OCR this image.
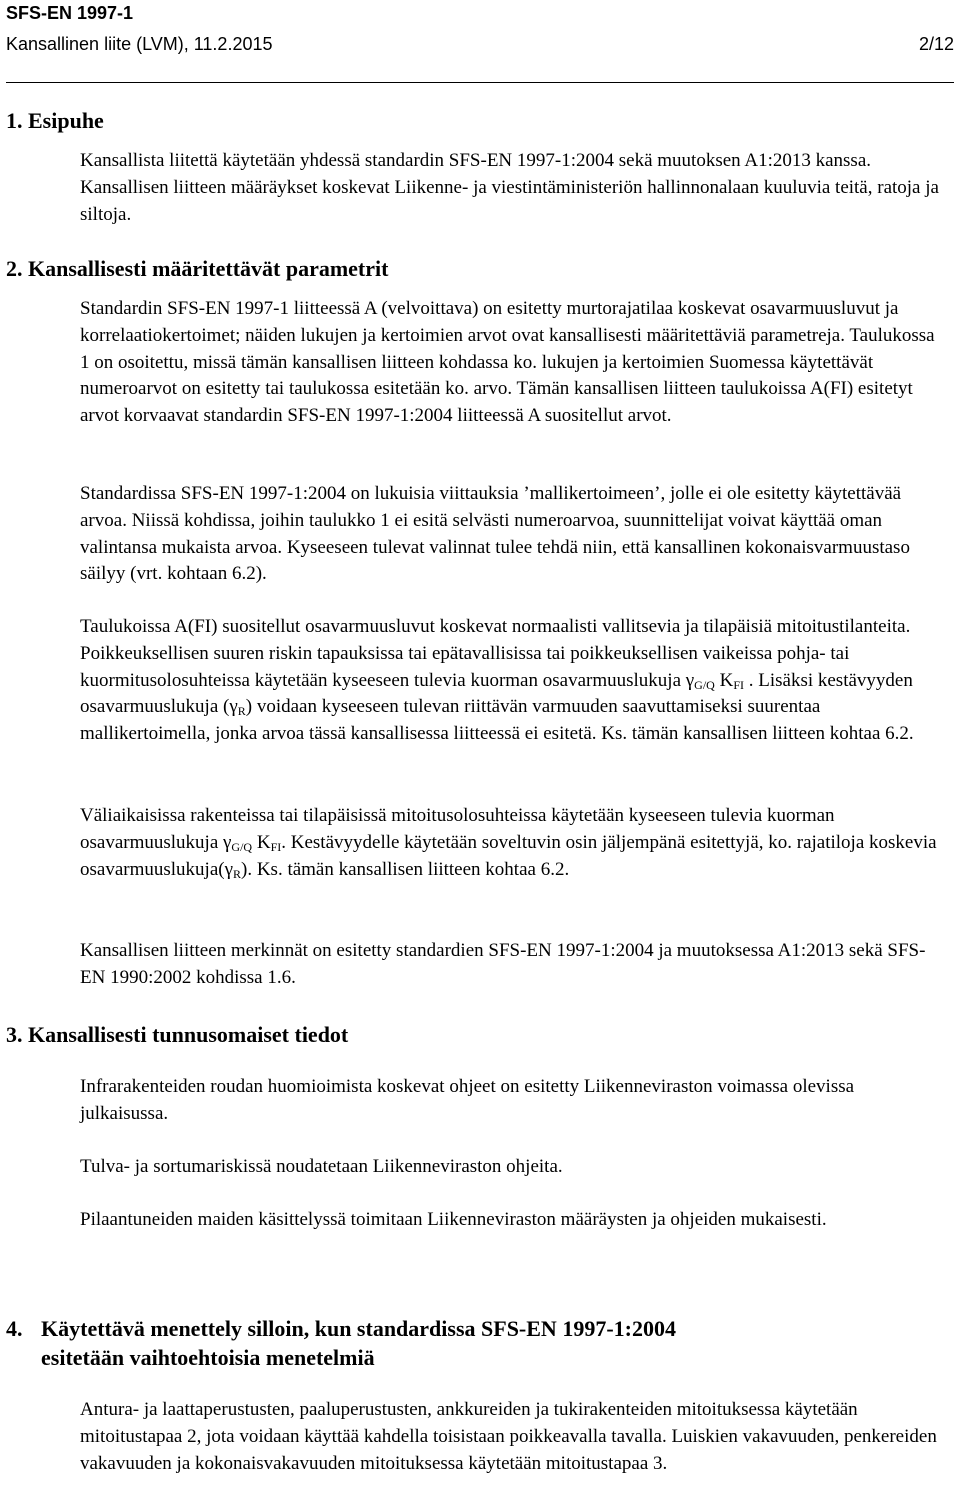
SFS-EN 1997-1
Kansallinen liite (LVM), 11.2.2015	2/12
1. Esipuhe

Kansallista liitettä käytetään yhdessä standardin SFS-EN 1997-1:2004 sekä muutoksen A1:2013 kanssa. Kansallisen liitteen määräykset koskevat Liikenne- ja viestintäministeriön hallinnonalaan kuuluvia teitä, ratoja ja siltoja.

2. Kansallisesti määritettävät parametrit

Standardin SFS-EN 1997-1 liitteessä A (velvoittava) on esitetty murtorajatilaa koskevat osavarmuusluvut ja korrelaatiokertoimet; näiden lukujen ja kertoimien arvot ovat kansallisesti määritettäviä parametreja. Taulukossa 1 on osoitettu, missä tämän kansallisen liitteen kohdassa ko. lukujen ja kertoimien Suomessa käytettävät numeroarvot on esitetty tai taulukossa esitetään ko. arvo. Tämän kansallisen liitteen taulukoissa A(FI) esitetyt arvot korvaavat standardin SFS-EN 1997-1:2004 liitteessä A suositellut arvot.

Standardissa SFS-EN 1997-1:2004 on lukuisia viittauksia ’mallikertoimeen’, jolle ei ole esitetty käytettävää arvoa. Niissä kohdissa, joihin taulukko 1 ei esitä selvästi numeroarvoa, suunnittelijat voivat käyttää oman valintansa mukaista arvoa. Kyseeseen tulevat valinnat tulee tehdä niin, että kansallinen kokonaisvarmuustaso säilyy (vrt. kohtaan 6.2).

Taulukoissa A(FI) suositellut osavarmuusluvut koskevat normaalisti vallitsevia ja tilapäisiä mitoitustilanteita. Poikkeuksellisen suuren riskin tapauksissa tai epätavallisissa tai poikkeuksellisen vaikeissa pohja- tai kuormitusolosuhteissa käytetään kyseeseen tulevia kuorman osavarmuuslukuja $\gamma_{G/Q}$ $K_{FI}$ . Lisäksi kestävyyden osavarmuuslukuja $(\gamma_R)$ voidaan kyseeseen tulevan riittävän varmuuden saavuttamiseksi suurentaa mallikertoimella, jonka arvoa tässä kansallisessa liitteessä ei esitetä. Ks. tämän kansallisen liitteen kohtaa 6.2.

Väliaikaisissa rakenteissa tai tilapäisissä mitoitusolosuhteissa käytetään kyseeseen tulevia kuorman osavarmuuslukuja $\gamma_{G/Q}$ $K_{FI}$. Kestävyydelle käytetään soveltuvin osin jäljempänä esitettyjä, ko. rajatiloja koskevia $osavarmuuslukuja(\gamma_R)$. Ks. tämän kansallisen liitteen kohtaa 6.2.

Kansallisen liitteen merkinnät on esitetty standardien SFS-EN 1997-1:2004 ja muutoksessa A1:2013 sekä SFS-EN 1990:2002 kohdissa 1.6.

3. Kansallisesti tunnusomaiset tiedot

Infrarakenteiden roudan huomioimista koskevat ohjeet on esitetty Liikenneviraston voimassa olevissa julkaisussa.

Tulva- ja sortumariskissä noudatetaan Liikenneviraston ohjeita.

Pilaantuneiden maiden käsittelyssä toimitaan Liikenneviraston määräysten ja ohjeiden mukaisesti.

4. Käytettävä menettely silloin, kun standardissa SFS-EN 1997-1:2004
esitetään vaihtoehtoisia menetelmiä

Antura- ja laattaperustusten, paaluperustusten, ankkureiden ja tukirakenteiden mitoituksessa käytetään mitoitustapaa 2, jota voidaan käyttää kahdella toisistaan poikkeavalla tavalla. Luiskien vakavuuden, penkereiden vakavuuden ja kokonaisvakavuuden mitoituksessa käytetään mitoitustapaa 3.
